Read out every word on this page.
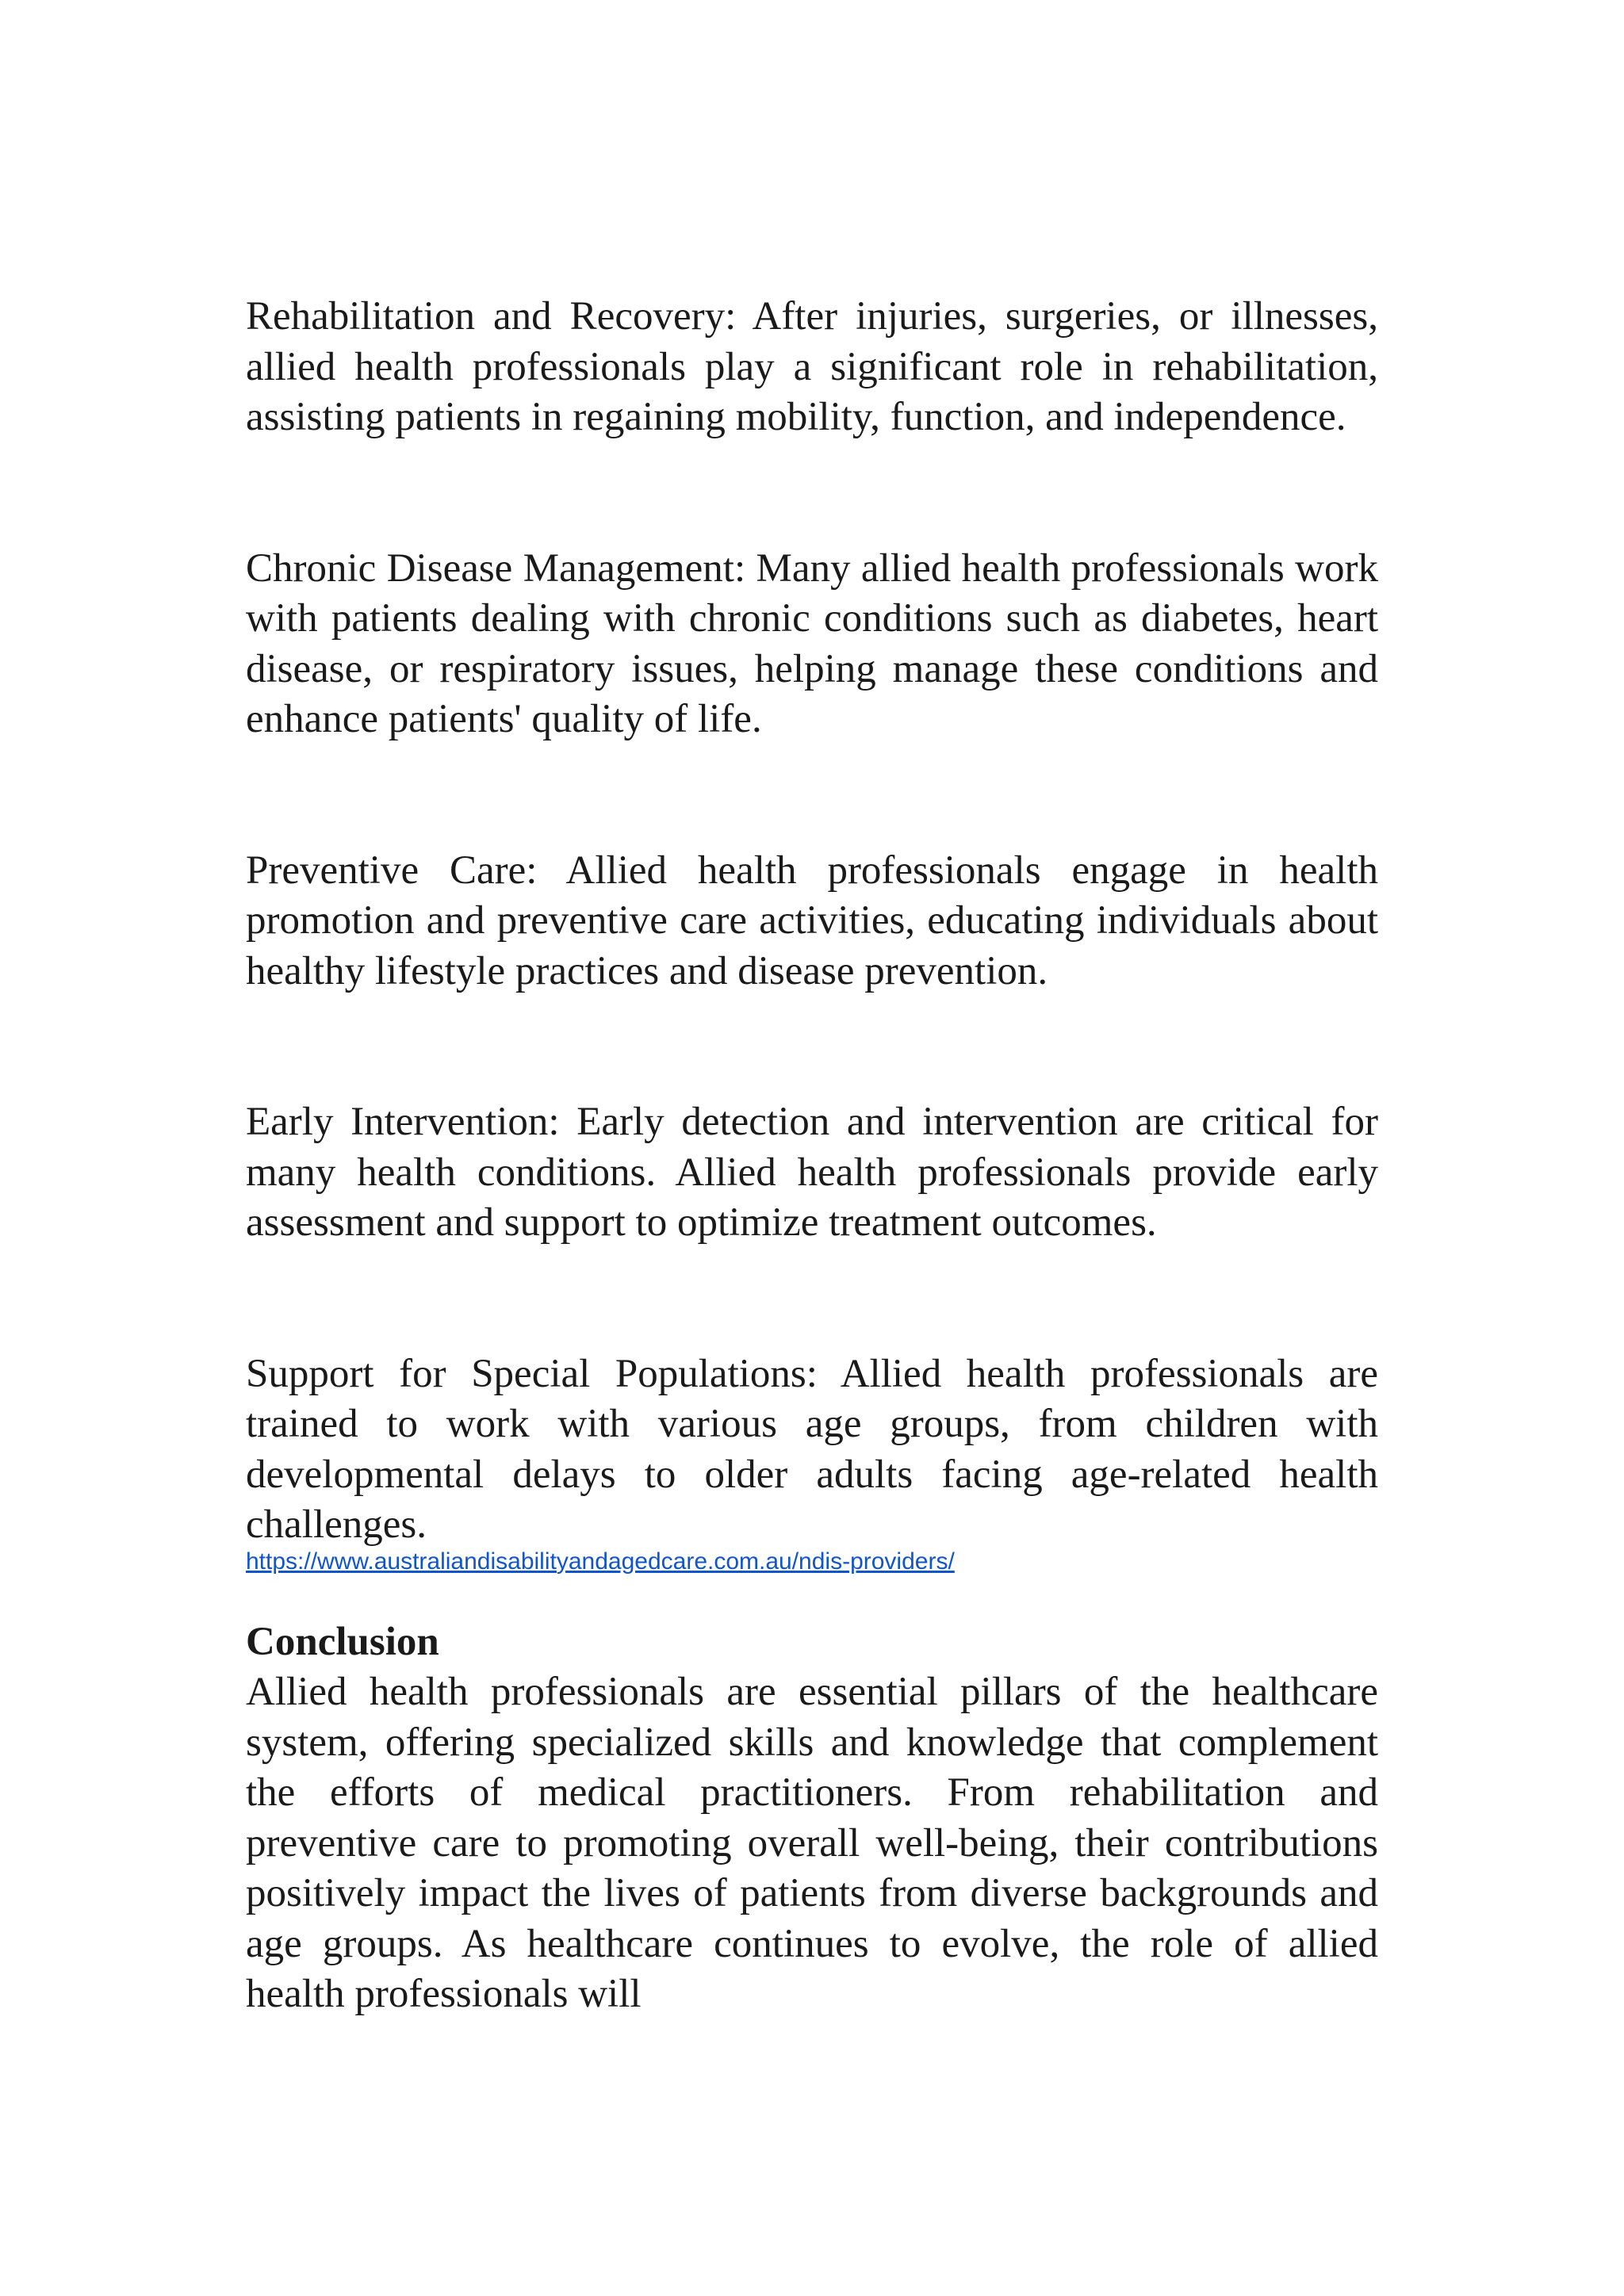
Rehabilitation and Recovery: After injuries, surgeries, or illnesses, allied health professionals play a significant role in rehabilitation, assisting patients in regaining mobility, function, and independence.

Chronic Disease Management: Many allied health professionals work with patients dealing with chronic conditions such as diabetes, heart disease, or respiratory issues, helping manage these conditions and enhance patients' quality of life.

Preventive Care: Allied health professionals engage in health promotion and preventive care activities, educating individuals about healthy lifestyle practices and disease prevention.

Early Intervention: Early detection and intervention are critical for many health conditions. Allied health professionals provide early assessment and support to optimize treatment outcomes.

Support for Special Populations: Allied health professionals are trained to work with various age groups, from children with developmental delays to older adults facing age-related health challenges.

https://www.australiandisabilityandagedcare.com.au/ndis-providers/
Conclusion

Allied health professionals are essential pillars of the healthcare system, offering specialized skills and knowledge that complement the efforts of medical practitioners. From rehabilitation and preventive care to promoting overall well-being, their contributions positively impact the lives of patients from diverse backgrounds and age groups. As healthcare continues to evolve, the role of allied health professionals will
